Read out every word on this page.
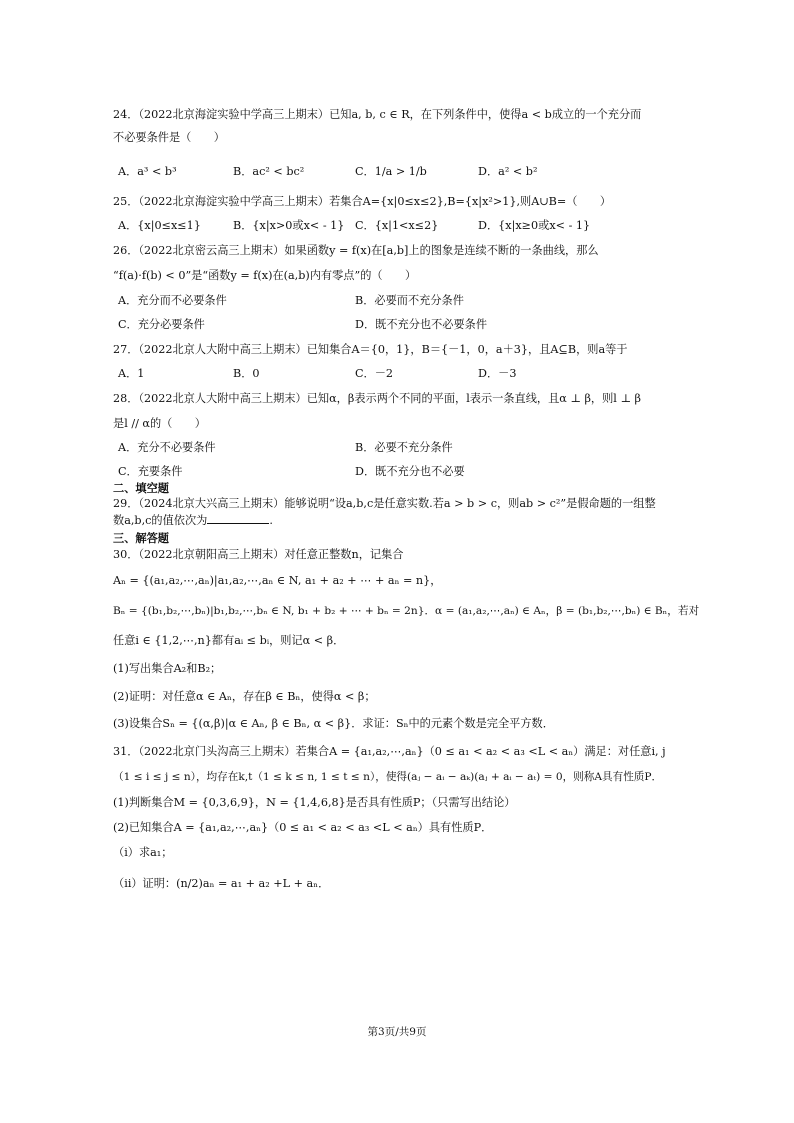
24．（2022北京海淀实验中学高三上期末）已知a, b, c ∈ R，在下列条件中，使得a < b成立的一个充分而
不必要条件是（　　）
A．a³ < b³	B．ac² < bc²	C．1/a > 1/b	D．a² < b²
25．（2022北京海淀实验中学高三上期末）若集合A={x|0≤x≤2},B={x|x²>1},则A∪B=（　　）
A．{x|0≤x≤1}	B．{x|x>0或x< - 1} C．{x|1<x≤2}	D．{x|x≥0或x< - 1}
26．（2022北京密云高三上期末）如果函数y = f(x)在[a,b]上的图象是连续不断的一条曲线，那么
“f(a)·f(b) < 0”是“函数y = f(x)在(a,b)内有零点”的（　　）
A．充分而不必要条件	B．必要而不充分条件
C．充分必要条件	D．既不充分也不必要条件
27．（2022北京人大附中高三上期末）已知集合A＝{0，1}，B＝{－1，0，a＋3}，且A⊆B，则a等于
A．1	B．0	C．－2	D．－3
28．（2022北京人大附中高三上期末）已知α，β表示两个不同的平面，l表示一条直线，且α ⊥ β，则l ⊥ β
是l // α的（　　）
A．充分不必要条件	B．必要不充分条件
C．充要条件	D．既不充分也不必要
二、填空题
29．（2024北京大兴高三上期末）能够说明“设a,b,c是任意实数.若a > b > c，则ab > c²”是假命题的一组整
数a,b,c的值依次为	.
三、解答题
30．（2022北京朝阳高三上期末）对任意正整数n，记集合
Aₙ = {(a₁,a₂,⋯,aₙ)|a₁,a₂,⋯,aₙ ∈ N, a₁ + a₂ + ⋯ + aₙ = n}，
Bₙ = {(b₁,b₂,⋯,bₙ)|b₁,b₂,⋯,bₙ ∈ N, b₁ + b₂ + ⋯ + bₙ = 2n}．α = (a₁,a₂,⋯,aₙ) ∈ Aₙ，β = (b₁,b₂,⋯,bₙ) ∈ Bₙ，若对
任意i ∈ {1,2,⋯,n}都有aᵢ ≤ bᵢ，则记α < β．
(1)写出集合A₂和B₂；
(2)证明：对任意α ∈ Aₙ，存在β ∈ Bₙ，使得α < β；
(3)设集合Sₙ = {(α,β)|α ∈ Aₙ, β ∈ Bₙ, α < β}．求证：Sₙ中的元素个数是完全平方数．
31．（2022北京门头沟高三上期末）若集合A = {a₁,a₂,⋯,aₙ}（0 ≤ a₁ < a₂ < a₃ <L < aₙ）满足：对任意i, j
（1 ≤ i ≤ j ≤ n），均存在k,t（1 ≤ k ≤ n, 1 ≤ t ≤ n），使得(aⱼ − aᵢ − aₖ)(aⱼ + aᵢ − aₜ) = 0，则称A具有性质P．
(1)判断集合M = {0,3,6,9}，N = {1,4,6,8}是否具有性质P；（只需写出结论）
(2)已知集合A = {a₁,a₂,⋯,aₙ}（0 ≤ a₁ < a₂ < a₃ <L < aₙ）具有性质P．
（ⅰ）求a₁；
（ⅱ）证明：(n/2)aₙ = a₁ + a₂ +L + aₙ．
第3页/共9页
